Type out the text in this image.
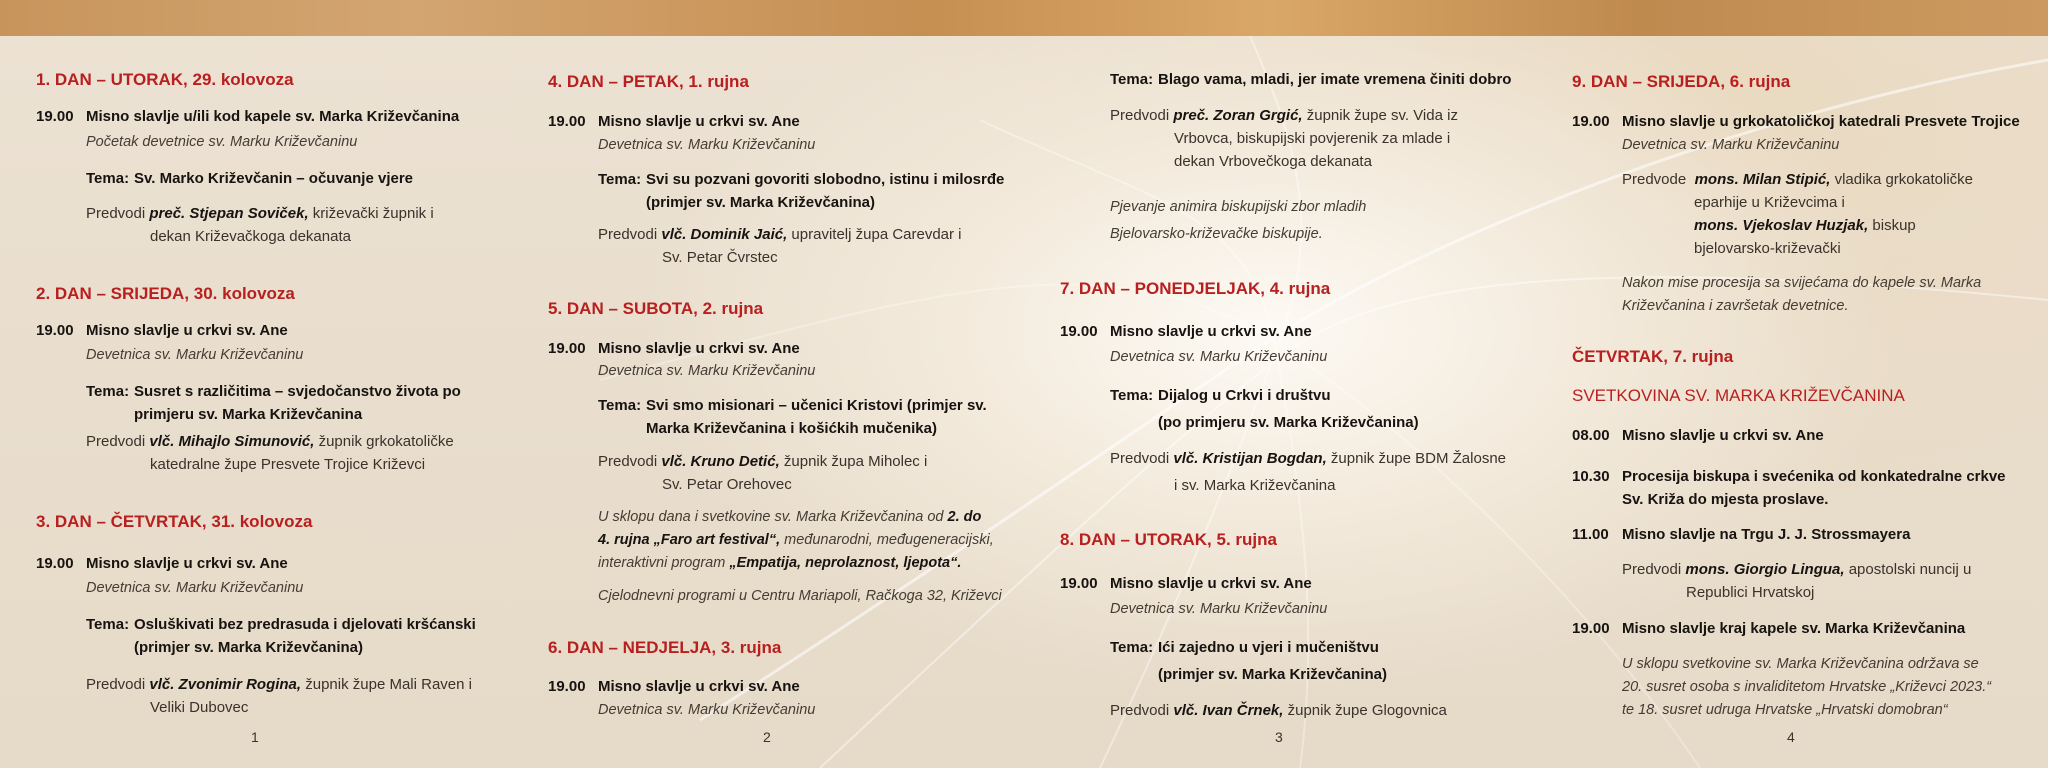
1. DAN – UTORAK, 29. kolovoza
19.00 Misno slavlje u/ili kod kapele sv. Marka Križevčanina
Početak devetnice sv. Marku Križevčaninu
Tema: Sv. Marko Križevčanin – očuvanje vjere
Predvodi preč. Stjepan Soviček, križevački župnik i
dekan Križevačkoga dekanata
2. DAN – SRIJEDA, 30. kolovoza
19.00 Misno slavlje u crkvi sv. Ane
Devetnica sv. Marku Križevčaninu
Tema: Susret s različitima – svjedočanstvo života po
primjeru sv. Marka Križevčanina
Predvodi vlč. Mihajlo Simunović, župnik grkokatoličke
katedralne župe Presvete Trojice Križevci
3. DAN – ČETVRTAK, 31. kolovoza
19.00 Misno slavlje u crkvi sv. Ane
Devetnica sv. Marku Križevčaninu
Tema: Osluškivati bez predrasuda i djelovati kršćanski
(primjer sv. Marka Križevčanina)
Predvodi vlč. Zvonimir Rogina, župnik župe Mali Raven i
Veliki Dubovec
1
4. DAN – PETAK, 1. rujna
19.00 Misno slavlje u crkvi sv. Ane
Devetnica sv. Marku Križevčaninu
Tema: Svi su pozvani govoriti slobodno, istinu i milosrđe
(primjer sv. Marka Križevčanina)
Predvodi vlč. Dominik Jaić, upravitelj župa Carevdar i
Sv. Petar Čvrstec
5. DAN – SUBOTA, 2. rujna
19.00 Misno slavlje u crkvi sv. Ane
Devetnica sv. Marku Križevčaninu
Tema: Svi smo misionari – učenici Kristovi (primjer sv.
Marka Križevčanina i košićkih mučenika)
Predvodi vlč. Kruno Detić, župnik župa Miholec i
Sv. Petar Orehovec
U sklopu dana i svetkovine sv. Marka Križevčanina od 2. do
4. rujna „Faro art festival“, međunarodni, međugeneracijski,
interaktivni program „Empatija, neprolaznost, ljepota“.
Cjelodnevni programi u Centru Mariapoli, Račkoga 32, Križevci
6. DAN – NEDJELJA, 3. rujna
19.00 Misno slavlje u crkvi sv. Ane
Devetnica sv. Marku Križevčaninu
2
Tema: Blago vama, mladi, jer imate vremena činiti dobro
Predvodi preč. Zoran Grgić, župnik župe sv. Vida iz
Vrbovca, biskupijski povjerenik za mlade i
dekan Vrbovečkoga dekanata
Pjevanje animira biskupijski zbor mladih
Bjelovarsko-križevačke biskupije.
7. DAN – PONEDJELJAK, 4. rujna
19.00 Misno slavlje u crkvi sv. Ane
Devetnica sv. Marku Križevčaninu
Tema: Dijalog u Crkvi i društvu
(po primjeru sv. Marka Križevčanina)
Predvodi vlč. Kristijan Bogdan, župnik župe BDM Žalosne
i sv. Marka Križevčanina
8. DAN – UTORAK, 5. rujna
19.00 Misno slavlje u crkvi sv. Ane
Devetnica sv. Marku Križevčaninu
Tema: Ići zajedno u vjeri i mučeništvu
(primjer sv. Marka Križevčanina)
Predvodi vlč. Ivan Črnek, župnik župe Glogovnica
3
9. DAN – SRIJEDA, 6. rujna
19.00 Misno slavlje u grkokatoličkoj katedrali Presvete Trojice
Devetnica sv. Marku Križevčaninu
Predvode mons. Milan Stipić, vladika grkokatoličke
eparhije u Križevcima i
mons. Vjekoslav Huzjak, biskup
bjelovarsko-križevački
Nakon mise procesija sa svijećama do kapele sv. Marka
Križevčanina i završetak devetnice.
ČETVRTAK, 7. rujna
SVETKOVINA SV. MARKA KRIŽEVČANINA
08.00 Misno slavlje u crkvi sv. Ane
10.30 Procesija biskupa i svećenika od konkatedralne crkve
Sv. Križa do mjesta proslave.
11.00 Misno slavlje na Trgu J. J. Strossmayera
Predvodi mons. Giorgio Lingua, apostolski nuncij u
Republici Hrvatskoj
19.00 Misno slavlje kraj kapele sv. Marka Križevčanina
U sklopu svetkovine sv. Marka Križevčanina održava se
20. susret osoba s invaliditetom Hrvatske „Križevci 2023.“
te 18. susret udruga Hrvatske „Hrvatski domobran“
4
